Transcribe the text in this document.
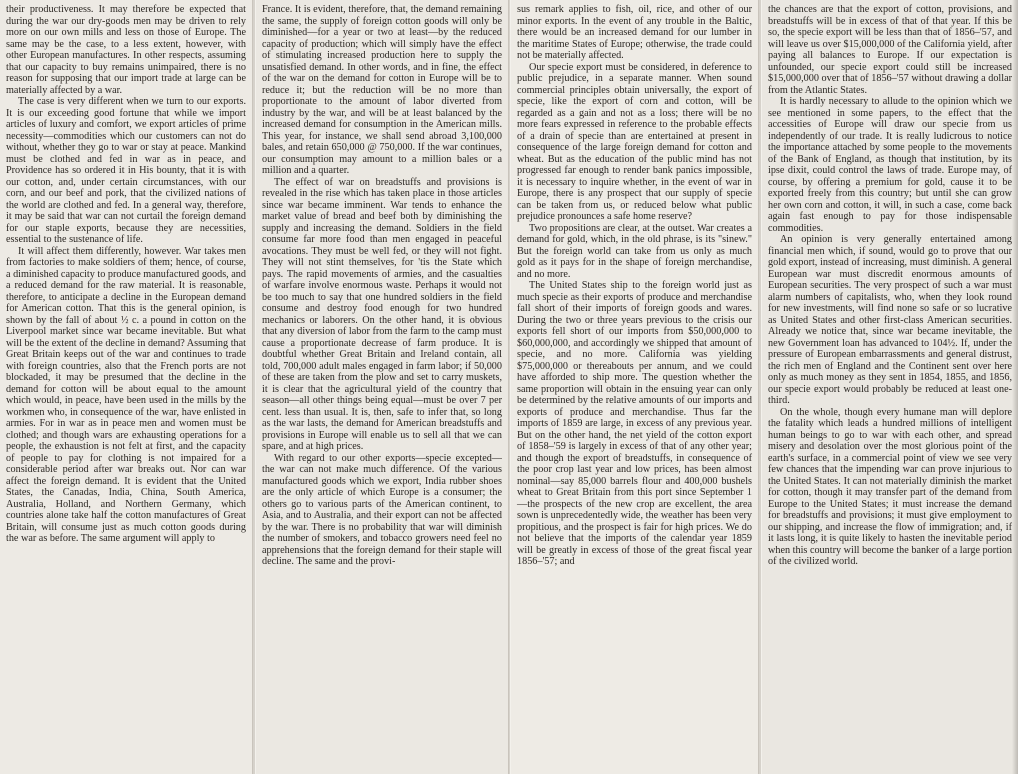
their productiveness. It may therefore be expected that during the war our dry-goods men may be driven to rely more on our own mills and less on those of Europe. The same may be the case, to a less extent, however, with other European manufactures. In other respects, assuming that our capacity to buy remains unimpaired, there is no reason for supposing that our import trade at large can be materially affected by a war.

The case is very different when we turn to our exports. It is our exceeding good fortune that while we import articles of luxury and comfort, we export articles of prime necessity—commodities which our customers can not do without, whether they go to war or stay at peace. Mankind must be clothed and fed in war as in peace, and Providence has so ordered it in His bounty, that it is with our cotton, and, under certain circumstances, with our corn, and our beef and pork, that the civilized nations of the world are clothed and fed. In a general way, therefore, it may be said that war can not curtail the foreign demand for our staple exports, because they are necessities, essential to the sustenance of life.

It will affect them differently, however. War takes men from factories to make soldiers of them; hence, of course, a diminished capacity to produce manufactured goods, and a reduced demand for the raw material. It is reasonable, therefore, to anticipate a decline in the European demand for American cotton. That this is the general opinion, is shown by the fall of about ½ c. a pound in cotton on the Liverpool market since war became inevitable. But what will be the extent of the decline in demand? Assuming that Great Britain keeps out of the war and continues to trade with foreign countries, also that the French ports are not blockaded, it may be presumed that the decline in the demand for cotton will be about equal to the amount which would, in peace, have been used in the mills by the workmen who, in consequence of the war, have enlisted in armies. For in war as in peace men and women must be clothed; and though wars are exhausting operations for a people, the exhaustion is not felt at first, and the capacity of people to pay for clothing is not impaired for a considerable period after war breaks out. Nor can war affect the foreign demand. It is evident that the United States, the Canadas, India, China, South America, Australia, Holland, and Northern Germany, which countries alone take half the cotton manufactures of Great Britain, will consume just as much cotton goods during the war as before. The same argument will apply to

France. It is evident, therefore, that, the demand remaining the same, the supply of foreign cotton goods will only be diminished—for a year or two at least—by the reduced capacity of production; which will simply have the effect of stimulating increased production here to supply the unsatisfied demand. In other words, and in fine, the effect of the war on the demand for cotton in Europe will be to reduce it; but the reduction will be no more than proportionate to the amount of labor diverted from industry by the war, and will be at least balanced by the increased demand for consumption in the American mills. This year, for instance, we shall send abroad 3,100,000 bales, and retain 650,000 @ 750,000. If the war continues, our consumption may amount to a million bales or a million and a quarter.

The effect of war on breadstuffs and provisions is revealed in the rise which has taken place in those articles since war became imminent. War tends to enhance the market value of bread and beef both by diminishing the supply and increasing the demand. Soldiers in the field consume far more food than men engaged in peaceful avocations. They must be well fed, or they will not fight. They will not stint themselves, for 'tis the State which pays. The rapid movements of armies, and the casualties of warfare involve enormous waste. Perhaps it would not be too much to say that one hundred soldiers in the field consume and destroy food enough for two hundred mechanics or laborers. On the other hand, it is obvious that any diversion of labor from the farm to the camp must cause a proportionate decrease of farm produce. It is doubtful whether Great Britain and Ireland contain, all told, 700,000 adult males engaged in farm labor; if 50,000 of these are taken from the plow and set to carry muskets, it is clear that the agricultural yield of the country that season—all other things being equal—must be over 7 per cent. less than usual. It is, then, safe to infer that, so long as the war lasts, the demand for American breadstuffs and provisions in Europe will enable us to sell all that we can spare, and at high prices.

With regard to our other exports—specie excepted—the war can not make much difference. Of the various manufactured goods which we export, India rubber shoes are the only article of which Europe is a consumer; the others go to various parts of the American continent, to Asia, and to Australia, and their export can not be affected by the war. There is no probability that war will diminish the number of smokers, and tobacco growers need feel no apprehensions that the foreign demand for their staple will decline. The same and the provi-

sus remark applies to fish, oil, rice, and other of our minor exports. In the event of any trouble in the Baltic, there would be an increased demand for our lumber in the maritime States of Europe; otherwise, the trade could not be materially affected.

Our specie export must be considered, in deference to public prejudice, in a separate manner. When sound commercial principles obtain universally, the export of specie, like the export of corn and cotton, will be regarded as a gain and not as a loss; there will be no more fears expressed in reference to the probable effects of a drain of specie than are entertained at present in consequence of the large foreign demand for cotton and wheat. But as the education of the public mind has not progressed far enough to render bank panics impossible, it is necessary to inquire whether, in the event of war in Europe, there is any prospect that our supply of specie can be taken from us, or reduced below what public prejudice pronounces a safe home reserve?

Two propositions are clear, at the outset. War creates a demand for gold, which, in the old phrase, is its "sinew." But the foreign world can take from us only as much gold as it pays for in the shape of foreign merchandise, and no more.

The United States ship to the foreign world just as much specie as their exports of produce and merchandise fall short of their imports of foreign goods and wares. During the two or three years previous to the crisis our exports fell short of our imports from $50,000,000 to $60,000,000, and accordingly we shipped that amount of specie, and no more. California was yielding $75,000,000 or thereabouts per annum, and we could have afforded to ship more. The question whether the same proportion will obtain in the ensuing year can only be determined by the relative amounts of our imports and exports of produce and merchandise. Thus far the imports of 1859 are large, in excess of any previous year. But on the other hand, the net yield of the cotton export of 1858–'59 is largely in excess of that of any other year; and though the export of breadstuffs, in consequence of the poor crop last year and low prices, has been almost nominal—say 85,000 barrels flour and 400,000 bushels wheat to Great Britain from this port since September 1—the prospects of the new crop are excellent, the area sown is unprecedentedly wide, the weather has been very propitious, and the prospect is fair for high prices. We do not believe that the imports of the calendar year 1859 will be greatly in excess of those of the great fiscal year 1856–'57; and

the chances are that the export of cotton, provisions, and breadstuffs will be in excess of that of that year. If this be so, the specie export will be less than that of 1856–'57, and will leave us over $15,000,000 of the California yield, after paying all balances to Europe. If our expectation is unfounded, our specie export could still be increased $15,000,000 over that of 1856–'57 without drawing a dollar from the Atlantic States.

It is hardly necessary to allude to the opinion which we see mentioned in some papers, to the effect that the accessities of Europe will draw our specie from us independently of our trade. It is really ludicrous to notice the importance attached by some people to the movements of the Bank of England, as though that institution, by its ipse dixit, could control the laws of trade. Europe may, of course, by offering a premium for gold, cause it to be exported freely from this country; but until she can grow her own corn and cotton, it will, in such a case, come back again fast enough to pay for those indispensable commodities.

An opinion is very generally entertained among financial men which, if sound, would go to prove that our gold export, instead of increasing, must diminish. A general European war must discredit enormous amounts of European securities. The very prospect of such a war must alarm numbers of capitalists, who, when they look round for new investments, will find none so safe or so lucrative as United States and other first-class American securities. Already we notice that, since war became inevitable, the new Government loan has advanced to 104½. If, under the pressure of European embarrassments and general distrust, the rich men of England and the Continent sent over here only as much money as they sent in 1854, 1855, and 1856, our specie export would probably be reduced at least one-third.

On the whole, though every humane man will deplore the fatality which leads a hundred millions of intelligent human beings to go to war with each other, and spread misery and desolation over the most glorious point of the earth's surface, in a commercial point of view we see very few chances that the impending war can prove injurious to the United States. It can not materially diminish the market for cotton, though it may transfer part of the demand from Europe to the United States; it must increase the demand for breadstuffs and provisions; it must give employment to our shipping, and increase the flow of immigration; and, if it lasts long, it is quite likely to hasten the inevitable period when this country will become the banker of a large portion of the civilized world.
